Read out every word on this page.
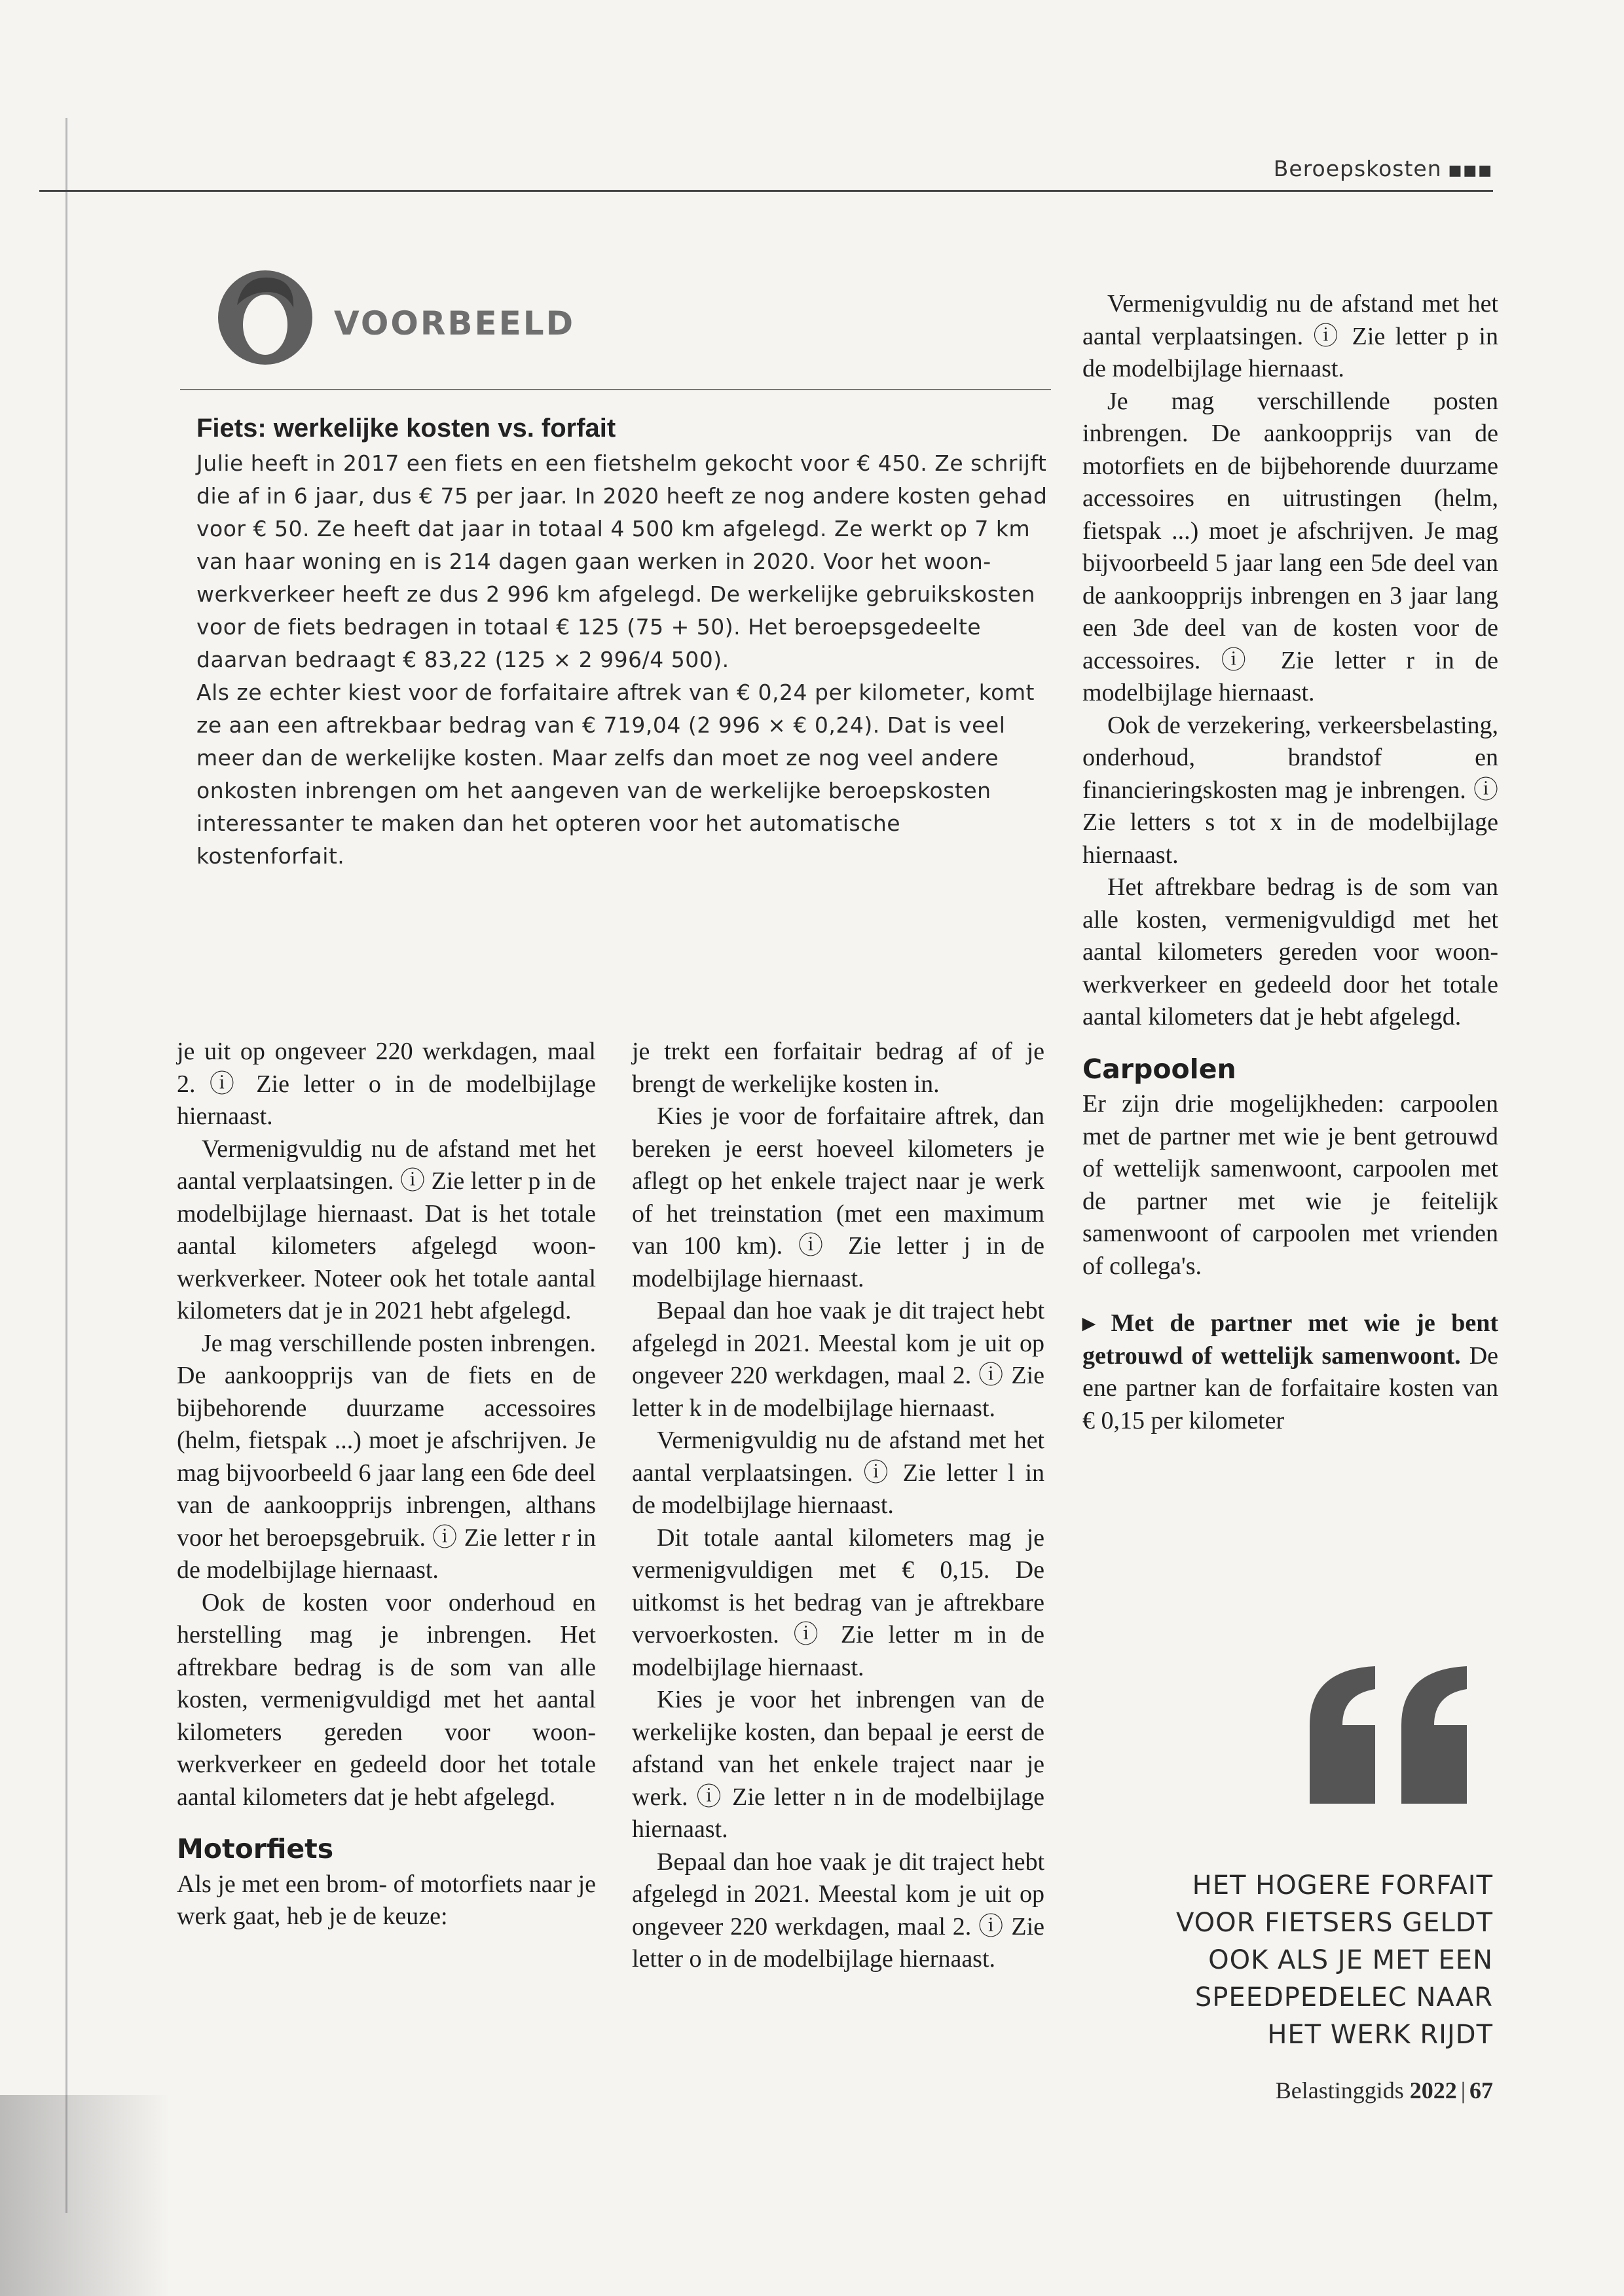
Beroepskosten ■■■
VOORBEELD
Fiets: werkelijke kosten vs. forfait

Julie heeft in 2017 een fiets en een fietshelm gekocht voor € 450. Ze schrijft die af in 6 jaar, dus € 75 per jaar. In 2020 heeft ze nog andere kosten gehad voor € 50. Ze heeft dat jaar in totaal 4 500 km afgelegd. Ze werkt op 7 km van haar woning en is 214 dagen gaan werken in 2020. Voor het woon-werkverkeer heeft ze dus 2 996 km afgelegd. De werkelijke gebruikskosten voor de fiets bedragen in totaal € 125 (75 + 50). Het beroepsgedeelte daarvan bedraagt € 83,22 (125 × 2 996/4 500).

Als ze echter kiest voor de forfaitaire aftrek van € 0,24 per kilometer, komt ze aan een aftrekbaar bedrag van € 719,04 (2 996 × € 0,24). Dat is veel meer dan de werkelijke kosten. Maar zelfs dan moet ze nog veel andere onkosten inbrengen om het aangeven van de werkelijke beroepskosten interessanter te maken dan het opteren voor het automatische kostenforfait.

je uit op ongeveer 220 werkdagen, maal 2. ⓘ Zie letter o in de modelbijlage hiernaast.

Vermenigvuldig nu de afstand met het aantal verplaatsingen. ⓘ Zie letter p in de modelbijlage hiernaast. Dat is het totale aantal kilometers afgelegd woon-werkverkeer. Noteer ook het totale aantal kilometers dat je in 2021 hebt afgelegd.

Je mag verschillende posten inbrengen. De aankoopprijs van de fiets en de bijbehorende duurzame accessoires (helm, fietspak ...) moet je afschrijven. Je mag bijvoorbeeld 6 jaar lang een 6de deel van de aankoopprijs inbrengen, althans voor het beroepsgebruik. ⓘ Zie letter r in de modelbijlage hiernaast.

Ook de kosten voor onderhoud en herstelling mag je inbrengen. Het aftrekbare bedrag is de som van alle kosten, vermenigvuldigd met het aantal kilometers gereden voor woon-werkverkeer en gedeeld door het totale aantal kilometers dat je hebt afgelegd.

Motorfiets

Als je met een brom- of motorfiets naar je werk gaat, heb je de keuze:

je trekt een forfaitair bedrag af of je brengt de werkelijke kosten in.

Kies je voor de forfaitaire aftrek, dan bereken je eerst hoeveel kilometers je aflegt op het enkele traject naar je werk of het treinstation (met een maximum van 100 km). ⓘ Zie letter j in de modelbijlage hiernaast.

Bepaal dan hoe vaak je dit traject hebt afgelegd in 2021. Meestal kom je uit op ongeveer 220 werkdagen, maal 2. ⓘ Zie letter k in de modelbijlage hiernaast.

Vermenigvuldig nu de afstand met het aantal verplaatsingen. ⓘ Zie letter l in de modelbijlage hiernaast.

Dit totale aantal kilometers mag je vermenigvuldigen met € 0,15. De uitkomst is het bedrag van je aftrekbare vervoerkosten. ⓘ Zie letter m in de modelbijlage hiernaast.

Kies je voor het inbrengen van de werkelijke kosten, dan bepaal je eerst de afstand van het enkele traject naar je werk. ⓘ Zie letter n in de modelbijlage hiernaast.

Bepaal dan hoe vaak je dit traject hebt afgelegd in 2021. Meestal kom je uit op ongeveer 220 werkdagen, maal 2. ⓘ Zie letter o in de modelbijlage hiernaast.

Vermenigvuldig nu de afstand met het aantal verplaatsingen. ⓘ Zie letter p in de modelbijlage hiernaast.

Je mag verschillende posten inbrengen. De aankoopprijs van de motorfiets en de bijbehorende duurzame accessoires en uitrustingen (helm, fietspak ...) moet je afschrijven. Je mag bijvoorbeeld 5 jaar lang een 5de deel van de aankoopprijs inbrengen en 3 jaar lang een 3de deel van de kosten voor de accessoires. ⓘ Zie letter r in de modelbijlage hiernaast.

Ook de verzekering, verkeersbelasting, onderhoud, brandstof en financieringskosten mag je inbrengen. ⓘ Zie letters s tot x in de modelbijlage hiernaast.

Het aftrekbare bedrag is de som van alle kosten, vermenigvuldigd met het aantal kilometers gereden voor woon-werkverkeer en gedeeld door het totale aantal kilometers dat je hebt afgelegd.

Carpoolen

Er zijn drie mogelijkheden: carpoolen met de partner met wie je bent getrouwd of wettelijk samenwoont, carpoolen met de partner met wie je feitelijk samenwoont of carpoolen met vrienden of collega's.

▸ Met de partner met wie je bent getrouwd of wettelijk samenwoont. De ene partner kan de forfaitaire kosten van € 0,15 per kilometer

HET HOGERE FORFAIT
VOOR FIETSERS GELDT
OOK ALS JE MET EEN
SPEEDPEDELEC NAAR
HET WERK RIJDT
Belastinggids 2022 | 67
